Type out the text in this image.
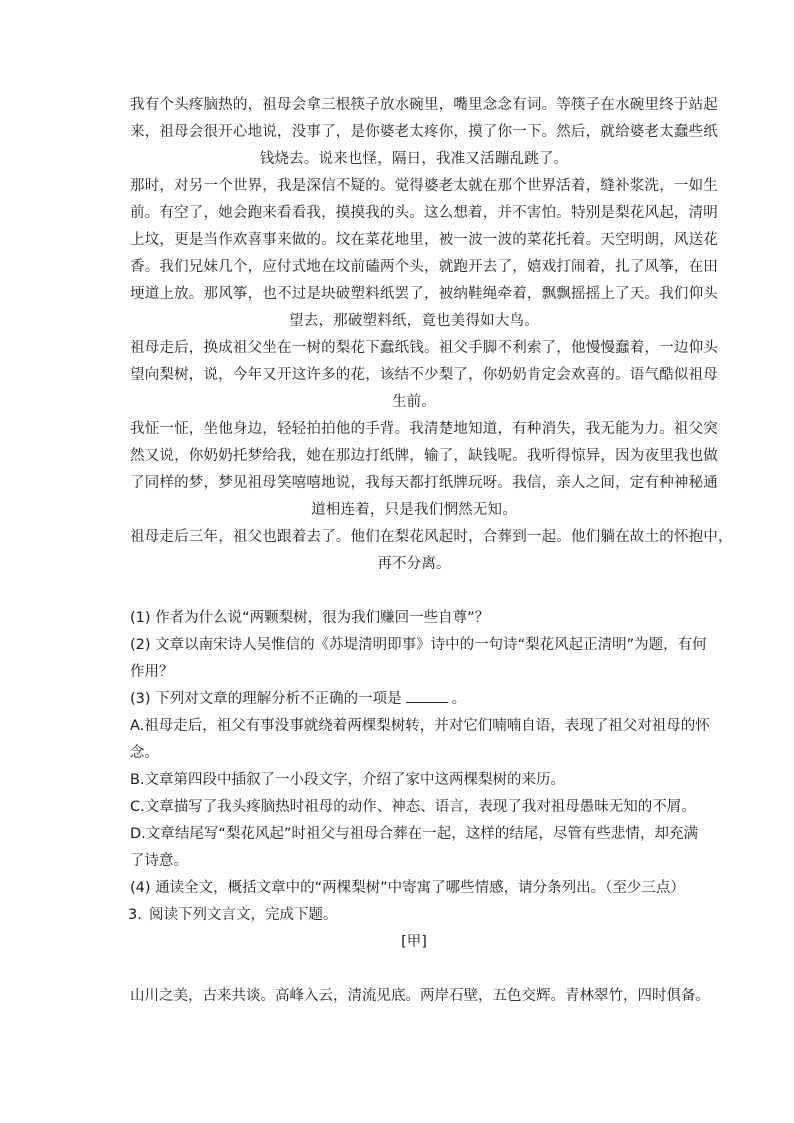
我有个头疼脑热的，祖母会拿三根筷子放水碗里，嘴里念念有词。等筷子在水碗里终于站起
来，祖母会很开心地说，没事了，是你婆老太疼你，摸了你一下。然后，就给婆老太蠢些纸
钱烧去。说来也怪，隔日，我准又活蹦乱跳了。
那时，对另一个世界，我是深信不疑的。觉得婆老太就在那个世界活着，缝补浆洗，一如生
前。有空了，她会跑来看看我，摸摸我的头。这么想着，并不害怕。特别是梨花风起，清明
上坟，更是当作欢喜事来做的。坟在菜花地里，被一波一波的菜花托着。天空明朗，风送花
香。我们兄妹几个，应付式地在坟前磕两个头，就跑开去了，嬉戏打闹着，扎了风筝，在田
埂道上放。那风筝，也不过是块破塑料纸罢了，被纳鞋绳牵着，飘飘摇摇上了天。我们仰头
望去，那破塑料纸，竟也美得如大鸟。
祖母走后，换成祖父坐在一树的梨花下蠢纸钱。祖父手脚不利索了，他慢慢蠢着，一边仰头
望向梨树，说，今年又开这许多的花，该结不少梨了，你奶奶肯定会欢喜的。语气酷似祖母
生前。
我怔一怔，坐他身边，轻轻拍拍他的手背。我清楚地知道，有种消失，我无能为力。祖父突
然又说，你奶奶托梦给我，她在那边打纸牌，输了，缺钱呢。我听得惊异，因为夜里我也做
了同样的梦，梦见祖母笑嘻嘻地说，我每天都打纸牌玩呀。我信，亲人之间，定有种神秘通
道相连着，只是我们惘然无知。
祖母走后三年，祖父也跟着去了。他们在梨花风起时，合葬到一起。他们躺在故土的怀抱中，
再不分离。
(1) 作者为什么说“两颗梨树，很为我们赚回一些自尊”？
(2) 文章以南宋诗人吴惟信的《苏堤清明即事》诗中的一句诗“梨花风起正清明”为题，有何
作用？
(3) 下列对文章的理解分析不正确的一项是	。
A.祖母走后，祖父有事没事就绕着两棵梨树转，并对它们喃喃自语，表现了祖父对祖母的怀
念。
B.文章第四段中插叙了一小段文字，介绍了家中这两棵梨树的来历。
C.文章描写了我头疼脑热时祖母的动作、神态、语言，表现了我对祖母愚昧无知的不屑。
D.文章结尾写“梨花风起”时祖父与祖母合葬在一起，这样的结尾，尽管有些悲情，却充满
了诗意。
(4) 通读全文，概括文章中的“两棵梨树”中寄寓了哪些情感，请分条列出。（至少三点）
3. 阅读下列文言文，完成下题。
[甲]
山川之美，古来共谈。高峰入云，清流见底。两岸石壁，五色交辉。青林翠竹，四时俱备。
